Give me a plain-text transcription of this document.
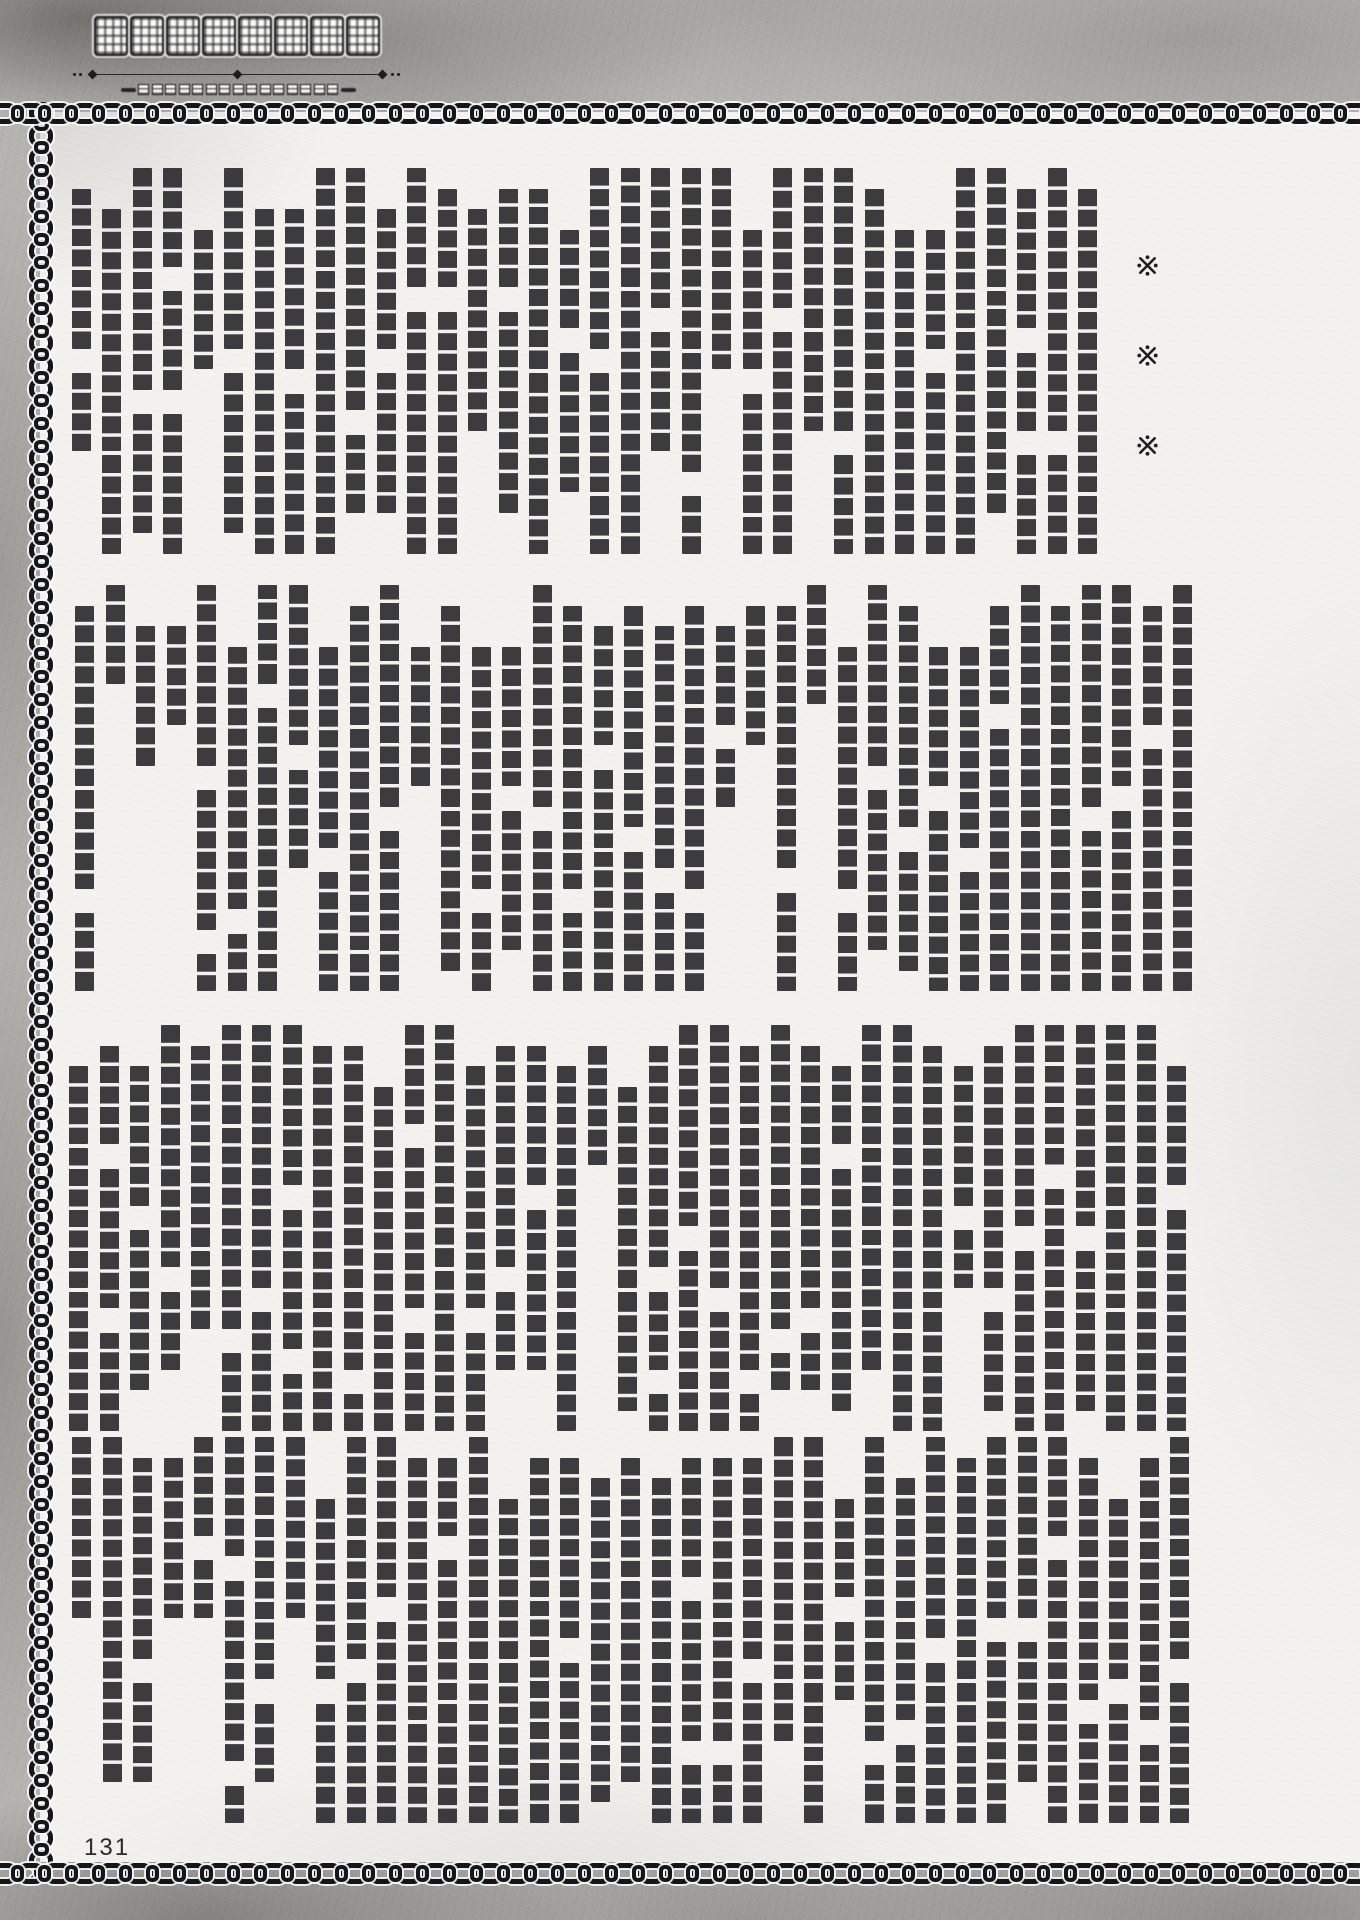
131
